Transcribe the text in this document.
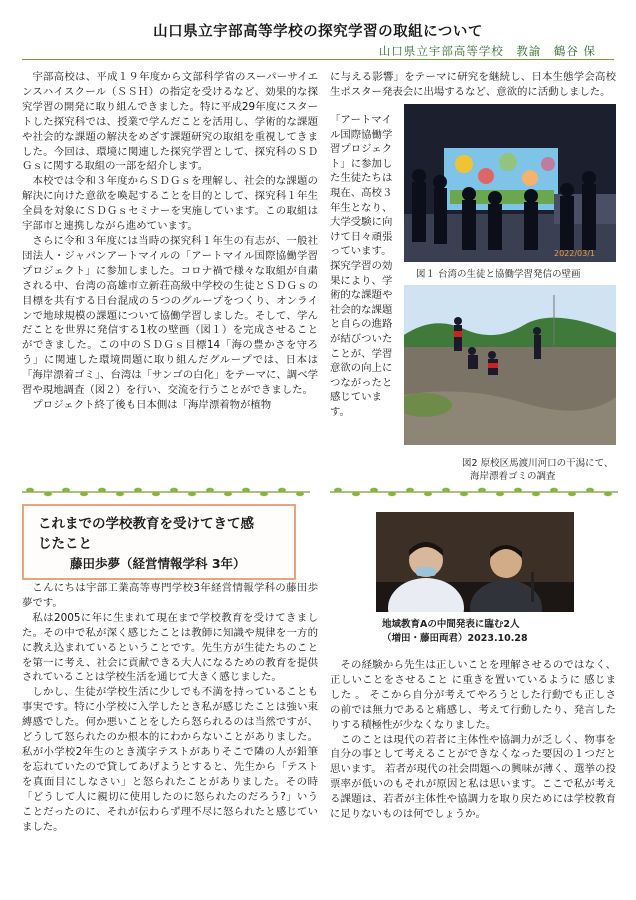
山口県立宇部高等学校の探究学習の取組について
山口県立宇部高等学校　教諭　鶴谷 保

宇部高校は、平成１９年度から文部科学省のスーパーサイエンスハイスクール（ＳＳＨ）の指定を受けるなど、効果的な探究学習の開発に取り組んできました。特に平成29年度にスタートした探究科では、授業で学んだことを活用し、学術的な課題や社会的な課題の解決をめざす課題研究の取組を重視してきました。今回は、環境に関連した探究学習として、探究科のＳＤＧｓに関する取組の一部を紹介します。

本校では令和３年度からＳＤＧｓを理解し、社会的な課題の解決に向けた意欲を喚起することを目的として、探究科１年生全員を対象にＳＤＧｓセミナーを実施しています。この取組は宇部市と連携しながら進めています。

さらに令和３年度には当時の探究科１年生の有志が、一般社団法人・ジャパンアートマイルの「アートマイル国際協働学習プロジェクト」に参加しました。コロナ禍で様々な取組が自粛される中、台湾の高雄市立新荘高級中学校の生徒とＳＤＧｓの目標を共有する日台混成の５つのグループをつくり、オンラインで地球規模の課題について協働学習しました。そして、学んだことを世界に発信する1枚の壁画（図１）を完成させることができました。この中のＳＤＧｓ目標14「海の豊かさを守ろう」に関連した環境問題に取り組んだグループでは、日本は「海岸漂着ゴミ」、台湾は「サンゴの白化」をテーマに、調べ学習や現地調査（図２）を行い、交流を行うことができました。

プロジェクト終了後も日本側は「海岸漂着物が植物

に与える影響」をテーマに研究を継続し、日本生態学会高校生ポスター発表会に出場するなど、意欲的に活動しました。

「アートマイル国際協働学習プロジェクト」に参加した生徒たちは現在、高校３年生となり、大学受験に向けて日々頑張っています。探究学習の効果により、学術的な課題や社会的な課題と自らの進路が結びついたことが、学習意欲の向上につながったと感じています。

2022/03/1
図１ 台湾の生徒と協働学習発信の壁画
図2 原校区馬渡川河口の干潟にて、
海岸漂着ゴミの調査
これまでの学校教育を受けてきて感
じたこと
藤田歩夢（経営情報学科 3年）
地域教育Aの中間発表に臨む2人
（増田・藤田両君）2023.10.28

こんにちは宇部工業高等専門学校3年経営情報学科の藤田歩夢です。

私は2005に年に生まれて現在まで学校教育を受けてきました。その中で私が深く感じたことは教師に知識や規律を一方的に教え込まれているということです。先生方が生徒たちのことを第一に考え、社会に貢献できる大人になるための教育を提供されていることは学校生活を通じて大きく感じました。

しかし、生徒が学校生活に少しでも不満を持っていることも事実です。特に小学校に入学したとき私が感じたことは強い束縛感でした。何か悪いことをしたら怒られるのは当然ですが、どうして怒られたのか根本的にわからないことがありました。私が小学校2年生のとき漢字テストがありそこで隣の人が鉛筆を忘れていたので貸してあげようとすると、先生から「テストを真面目にしなさい」と怒られたことがありました。その時「どうして人に親切に使用したのに怒られたのだろう?」いう ことだったのに、それが伝わらず理不尽に怒られたと感じていました。

その経験から先生は正しいことを理解させるのではなく、正しいことをさせること に重きを置いているように 感じました 。 そこから自分が考えてやろうとした行動でも正しさの前では無力であると痛感し、考えて行動したり、発言したりする積極性が少なくなりました。

このことは現代の若者に主体性や協調力が乏しく、物事を自分の事として考えることができなくなった要因の１つだと 思います。 若者が現代の社会問題への興味が薄く、選挙の投票率が低いのもそれが原因と私は思います。ここで私が考える課題は、若者が主体性や協調力を取り戻ためには学校教育に足りないものは何でしょうか。
